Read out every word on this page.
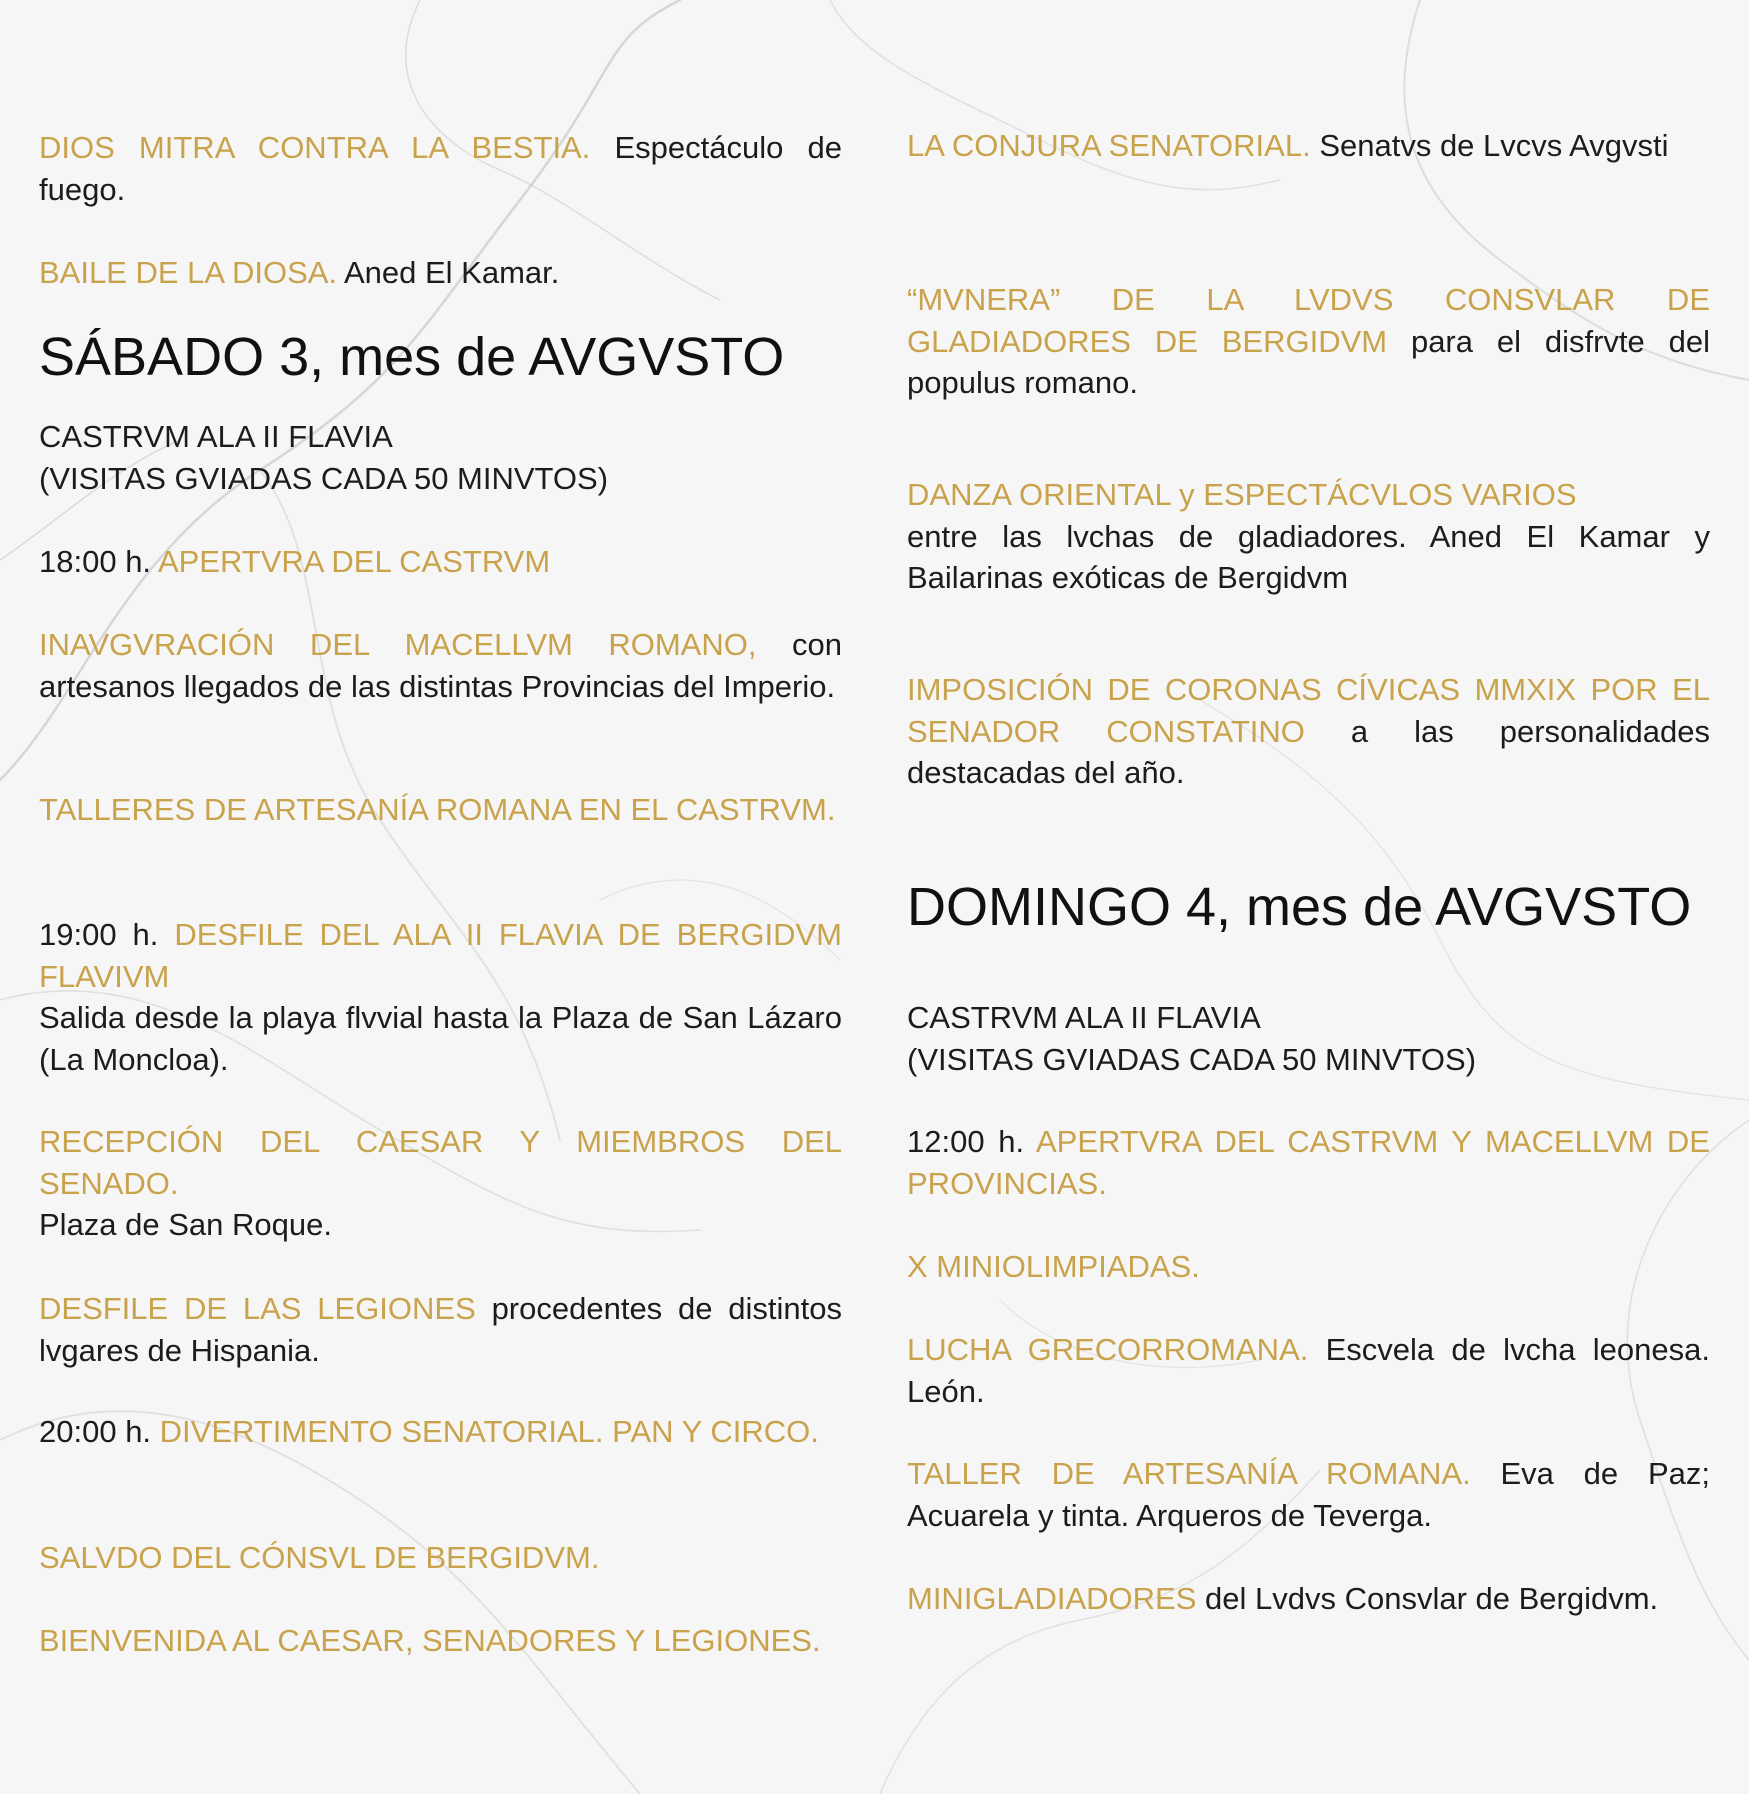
DIOS MITRA CONTRA LA BESTIA. Espectáculo de fuego.

BAILE DE LA DIOSA. Aned El Kamar.

SÁBADO 3, mes de AVGVSTO

CASTRVM ALA II FLAVIA
(VISITAS GVIADAS CADA 50 MINVTOS)

18:00 h. APERTVRA DEL CASTRVM

INAVGVRACIÓN DEL MACELLVM ROMANO, con artesanos llegados de las distintas Provincias del Imperio.

TALLERES DE ARTESANÍA ROMANA EN EL CASTRVM.

19:00 h. DESFILE DEL ALA II FLAVIA DE BERGIDVM FLAVIVM
Salida desde la playa flvvial hasta la Plaza de San Lázaro (La Moncloa).

RECEPCIÓN DEL CAESAR Y MIEMBROS DEL SENADO.
Plaza de San Roque.

DESFILE DE LAS LEGIONES procedentes de distintos lvgares de Hispania.

20:00 h. DIVERTIMENTO SENATORIAL. PAN Y CIRCO.

SALVDO DEL CÓNSVL DE BERGIDVM.

BIENVENIDA AL CAESAR, SENADORES Y LEGIONES.

LA CONJURA SENATORIAL. Senatvs de Lvcvs Avgvsti

“MVNERA” DE LA LVDVS CONSVLAR DE GLADIADORES DE BERGIDVM para el disfrvte del populus romano.

DANZA ORIENTAL y ESPECTÁCVLOS VARIOS
entre las lvchas de gladiadores. Aned El Kamar y Bailarinas exóticas de Bergidvm

IMPOSICIÓN DE CORONAS CÍVICAS MMXIX POR EL SENADOR CONSTATINO a las personalidades destacadas del año.

DOMINGO 4, mes de AVGVSTO

CASTRVM ALA II FLAVIA
(VISITAS GVIADAS CADA 50 MINVTOS)

12:00 h. APERTVRA DEL CASTRVM Y MACELLVM DE PROVINCIAS.

X MINIOLIMPIADAS.

LUCHA GRECORROMANA. Escvela de lvcha leonesa. León.

TALLER DE ARTESANÍA ROMANA. Eva de Paz; Acuarela y tinta. Arqueros de Teverga.

MINIGLADIADORES del Lvdvs Consvlar de Bergidvm.
